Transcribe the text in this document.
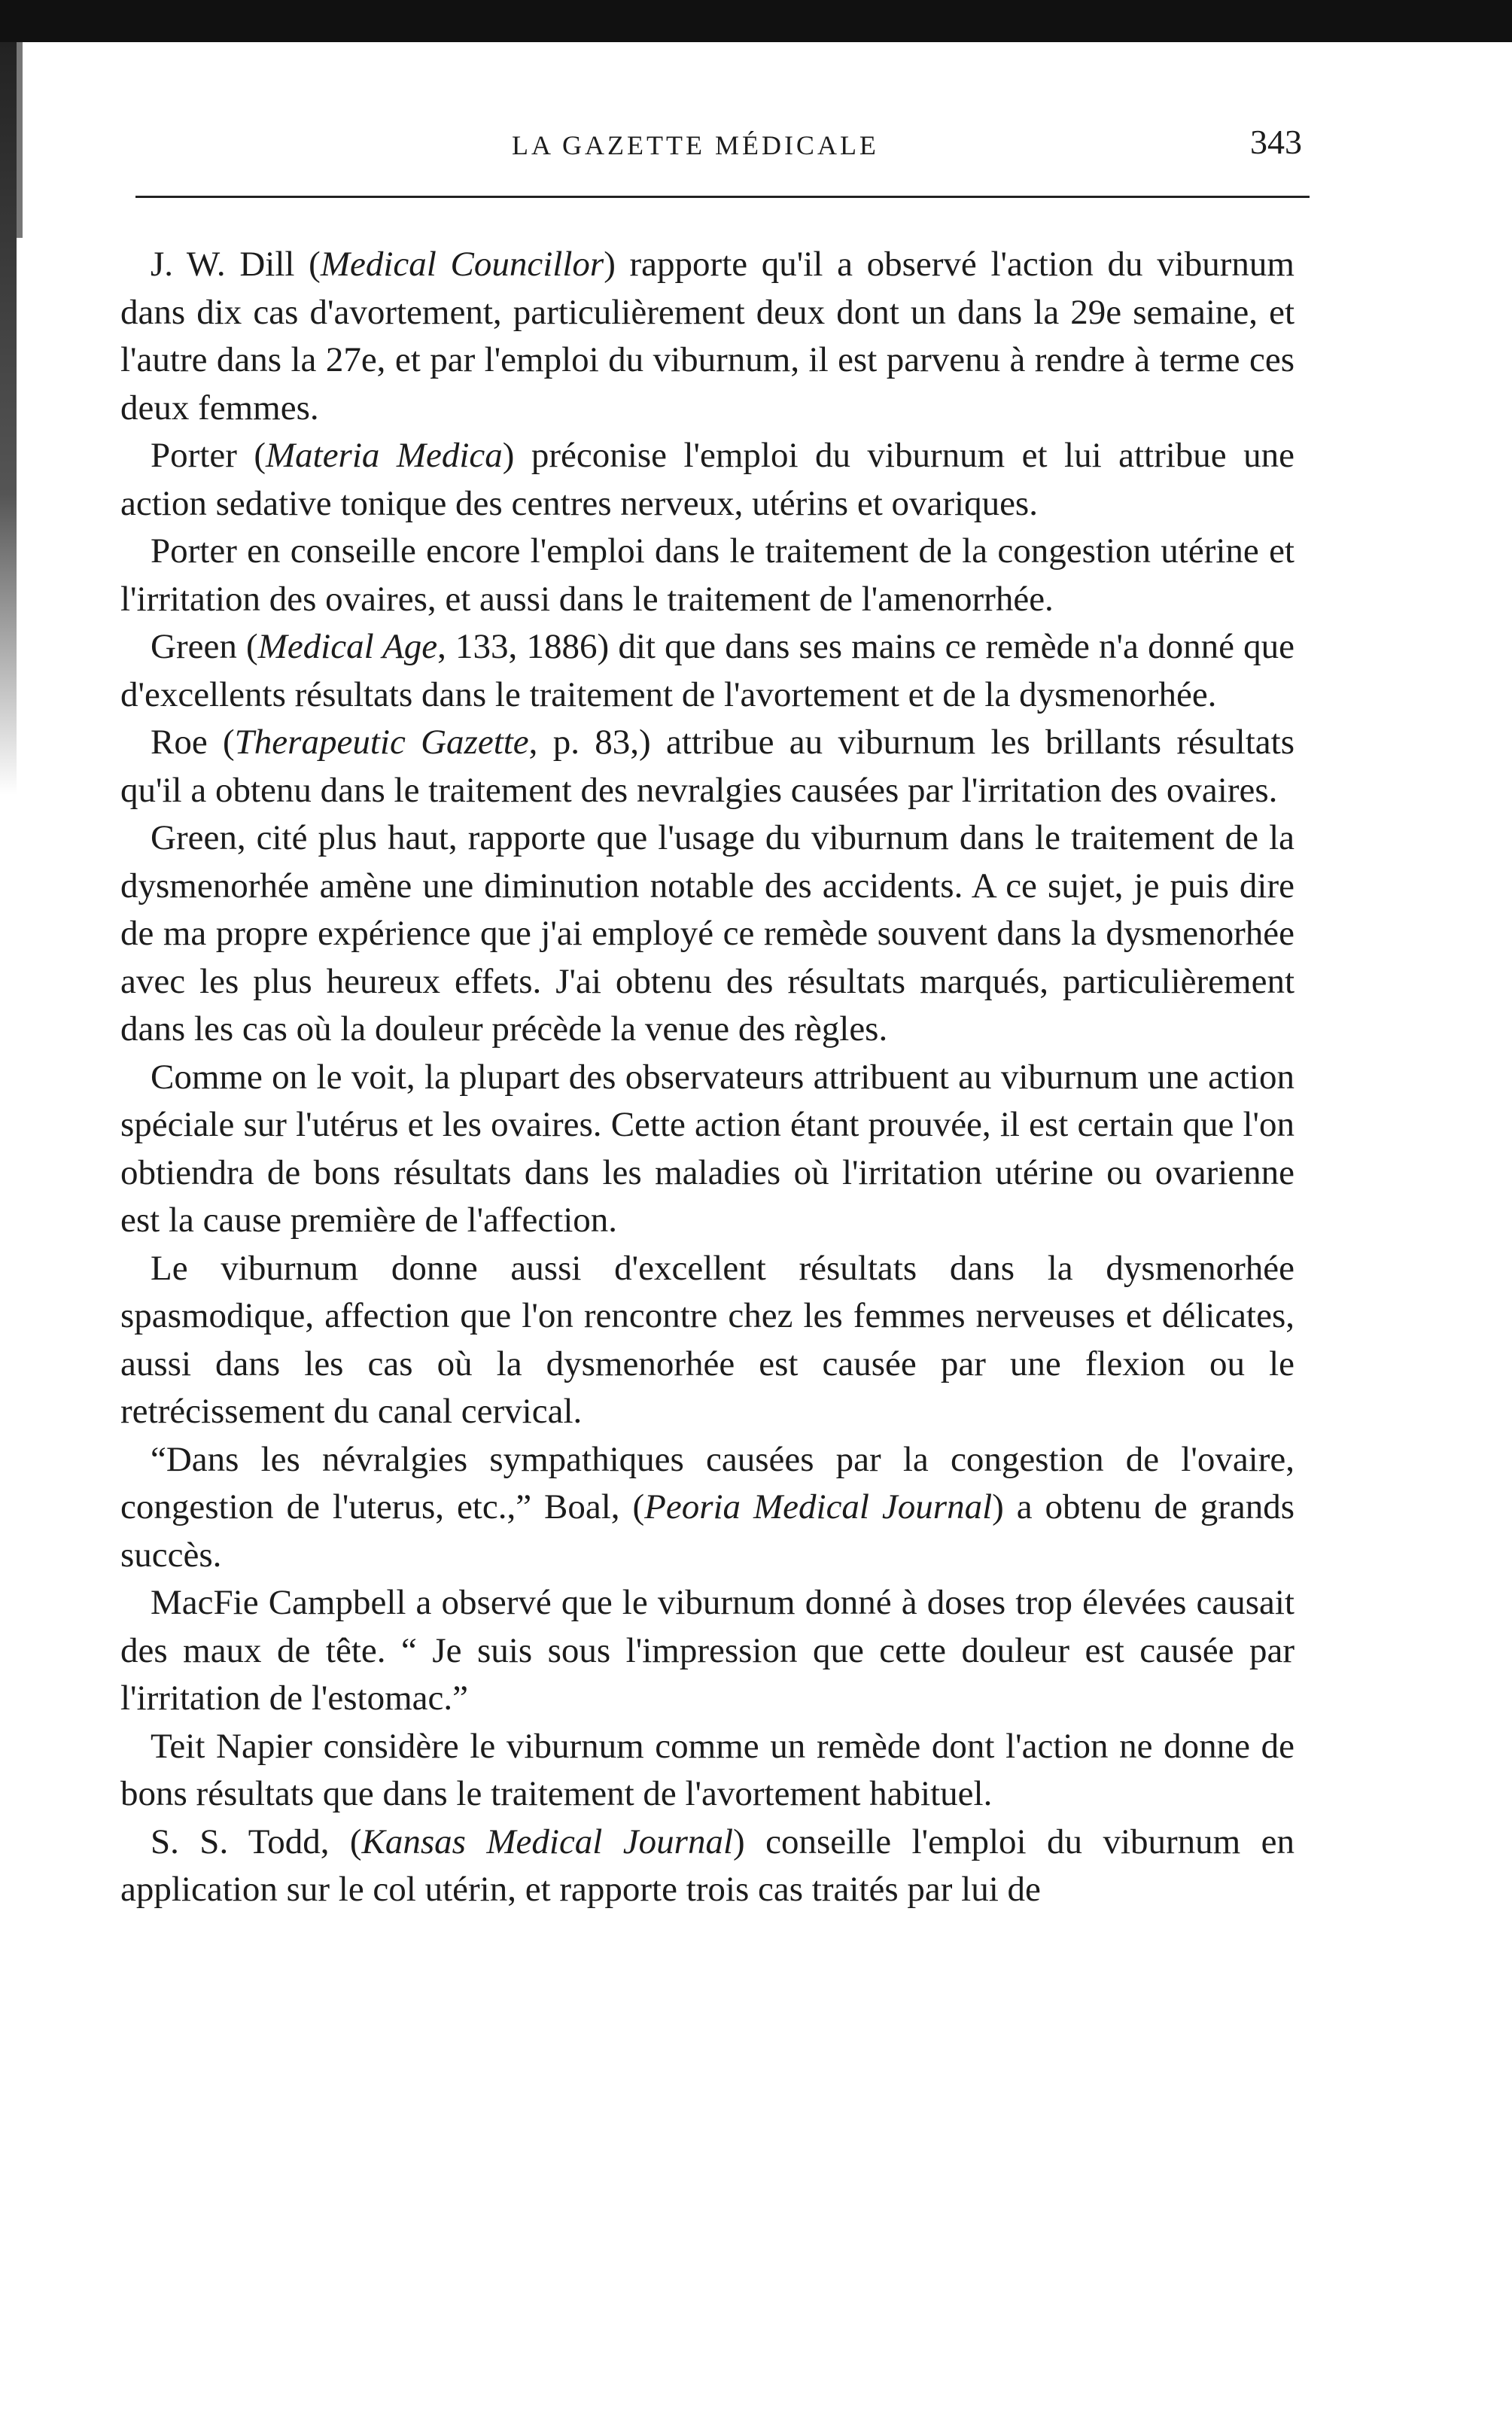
LA GAZETTE MÉDICALE	343

J. W. Dill (Medical Councillor) rapporte qu'il a observé l'action du viburnum dans dix cas d'avortement, particulièrement deux dont un dans la 29e semaine, et l'autre dans la 27e, et par l'emploi du viburnum, il est parvenu à rendre à terme ces deux femmes.

Porter (Materia Medica) préconise l'emploi du viburnum et lui attribue une action sedative tonique des centres nerveux, utérins et ovariques.

Porter en conseille encore l'emploi dans le traitement de la congestion utérine et l'irritation des ovaires, et aussi dans le traitement de l'amenorrhée.

Green (Medical Age, 133, 1886) dit que dans ses mains ce remède n'a donné que d'excellents résultats dans le traitement de l'avortement et de la dysmenorhée.

Roe (Therapeutic Gazette, p. 83,) attribue au viburnum les brillants résultats qu'il a obtenu dans le traitement des nevralgies causées par l'irritation des ovaires.

Green, cité plus haut, rapporte que l'usage du viburnum dans le traitement de la dysmenorhée amène une diminution notable des accidents. A ce sujet, je puis dire de ma propre expérience que j'ai employé ce remède souvent dans la dysmenorhée avec les plus heureux effets. J'ai obtenu des résultats marqués, particulièrement dans les cas où la douleur précède la venue des règles.

Comme on le voit, la plupart des observateurs attribuent au viburnum une action spéciale sur l'utérus et les ovaires. Cette action étant prouvée, il est certain que l'on obtiendra de bons résultats dans les maladies où l'irritation utérine ou ovarienne est la cause première de l'affection.

Le viburnum donne aussi d'excellent résultats dans la dysmenorhée spasmodique, affection que l'on rencontre chez les femmes nerveuses et délicates, aussi dans les cas où la dysmenorhée est causée par une flexion ou le retrécissement du canal cervical.

“Dans les névralgies sympathiques causées par la congestion de l'ovaire, congestion de l'uterus, etc.,” Boal, (Peoria Medical Journal) a obtenu de grands succès.

MacFie Campbell a observé que le viburnum donné à doses trop élevées causait des maux de tête. “ Je suis sous l'impression que cette douleur est causée par l'irritation de l'estomac.”

Teit Napier considère le viburnum comme un remède dont l'action ne donne de bons résultats que dans le traitement de l'avortement habituel.

S. S. Todd, (Kansas Medical Journal) conseille l'emploi du viburnum en application sur le col utérin, et rapporte trois cas traités par lui de
